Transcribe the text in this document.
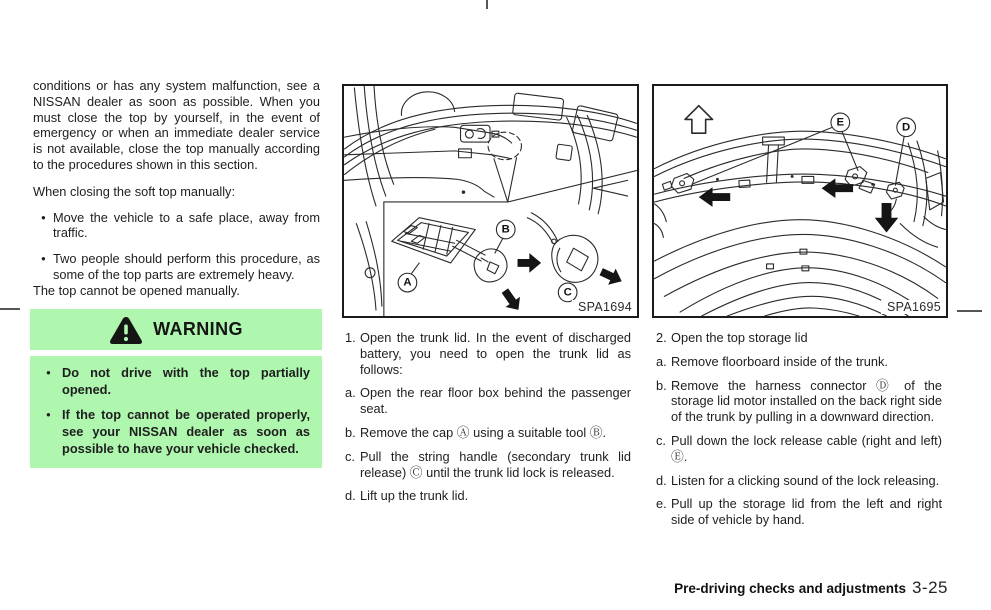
conditions or has any system malfunction, see a NISSAN dealer as soon as possible. When you must close the top by yourself, in the event of emergency or when an immediate dealer service is not available, close the top manually according to the procedures shown in this section.

When closing the soft top manually:

● Move the vehicle to a safe place, away from traffic.
● Two people should perform this procedure, as some of the top parts are extremely heavy.

The top cannot be opened manually.

WARNING
● Do not drive with the top partially opened.
● If the top cannot be operated properly, see your NISSAN dealer as soon as possible to have your vehicle checked.
A
B
C
SPA1694
E	D
SPA1695
1. Open the trunk lid. In the event of discharged battery, you need to open the trunk lid as follows:
a. Open the rear floor box behind the passenger seat.
b. Remove the cap Ⓐ using a suitable tool Ⓑ.
c. Pull the string handle (secondary trunk lid release) Ⓒ until the trunk lid lock is released.
d. Lift up the trunk lid.
2. Open the top storage lid
a. Remove floorboard inside of the trunk.
b. Remove the harness connector Ⓓ of the storage lid motor installed on the back right side of the trunk by pulling in a downward direction.
c. Pull down the lock release cable (right and left) Ⓔ.
d. Listen for a clicking sound of the lock releasing.
e. Pull up the storage lid from the left and right side of vehicle by hand.
Pre-driving checks and adjustments 3-25
